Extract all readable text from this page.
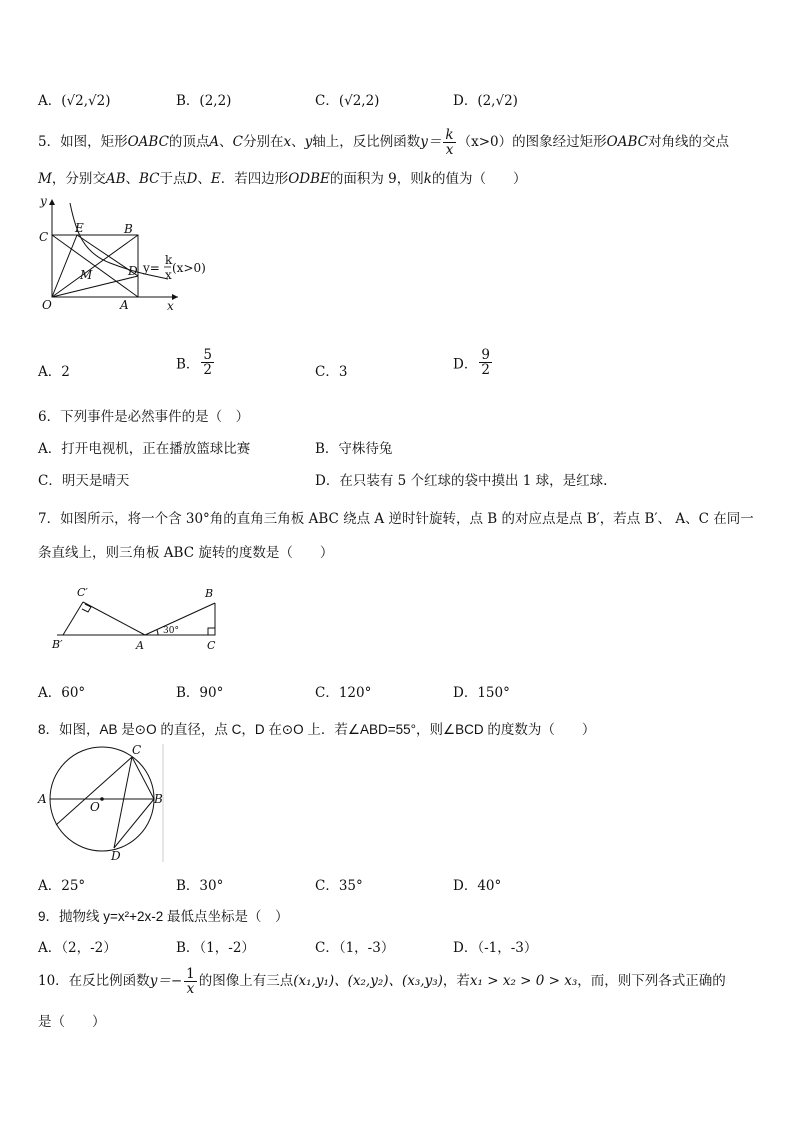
A．(√2,√2)	B．(2,2)	C．(√2,2)	D．(2,√2)
5．如图，矩形OABC的顶点A、C分别在x、y轴上，反比例函数$y= \frac{k}{x} (x>0)$的图象经过矩形OABC对角线的交点
M，分别交AB、BC于点D、E．若四边形ODBE的面积为 9，则k的值为（　　）
y
x
O	A
B
C
D
E
M	y=
k
x (x>0)
A．2	B． $\frac{5}{2}$	C．3	D． $\frac{9}{2}$
6．下列事件是必然事件的是（　）
A．打开电视机，正在播放篮球比赛	B．守株待兔
C．明天是晴天	D．在只装有 5 个红球的袋中摸出 1 球，是红球.
7．如图所示，将一个含 30°角的直角三角板 ABC 绕点 A 逆时针旋转，点 B 的对应点是点 B′，若点 B′、 A、C 在同一
条直线上，则三角板 ABC 旋转的度数是（　　）
C′
B′	A
B
C
30°
A．60°	B．90°	C．120°	D．150°
8．如图，AB 是⊙O 的直径，点 C，D 在⊙O 上．若∠ABD=55°，则∠BCD 的度数为（　　）
A	B
C
D
O
A．25°	B．30°	C．35°	D．40°
9．抛物线 y=x²+2x-2 最低点坐标是（　）
A．（2，-2）	B．（1，-2）	C．（1，-3）	D．（-1，-3）
10．在反比例函数$y=- \frac{1}{x}$ 的图像上有三点(x₁,y₁)、(x₂,y₂)、(x₃,y₃)，若x₁ > x₂ > 0 > x₃，而，则下列各式正确的
是（　　）
